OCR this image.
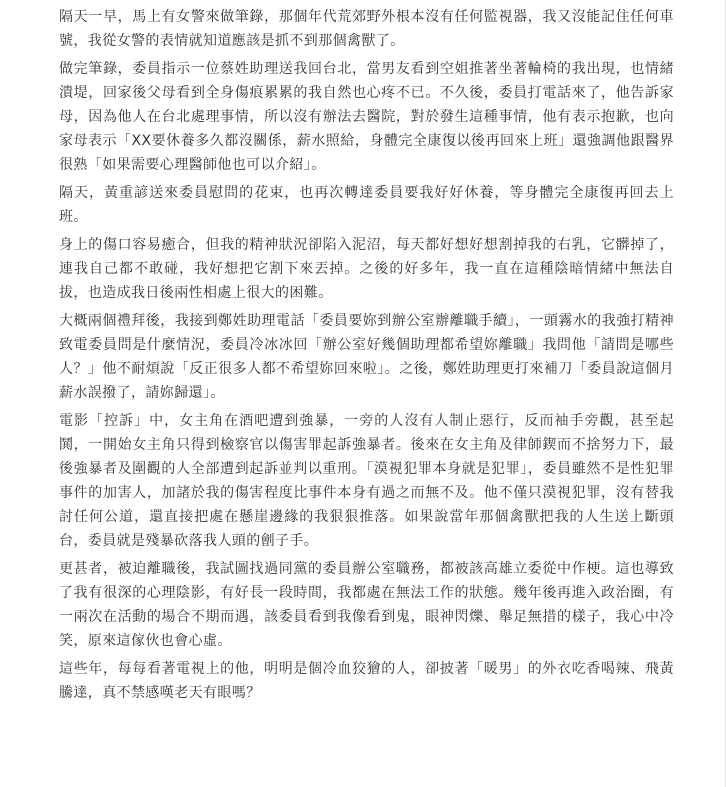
隔天一早，馬上有女警來做筆錄，那個年代荒郊野外根本沒有任何監視器，我又沒能記住任何車號，我從女警的表情就知道應該是抓不到那個禽獸了。

做完筆錄，委員指示一位蔡姓助理送我回台北，當男友看到空姐推著坐著輪椅的我出現，也情緒潰堤，回家後父母看到全身傷痕累累的我自然也心疼不已。不久後，委員打電話來了，他告訴家母，因為他人在台北處理事情，所以沒有辦法去醫院，對於發生這種事情，他有表示抱歉，也向家母表示「XX要休養多久都沒關係，薪水照給，身體完全康復以後再回來上班」還強調他跟醫界很熟「如果需要心理醫師他也可以介紹」。

隔天，黃重諺送來委員慰問的花束，也再次轉達委員要我好好休養，等身體完全康復再回去上班。

身上的傷口容易癒合，但我的精神狀況卻陷入泥沼，每天都好想好想割掉我的右乳，它髒掉了，連我自己都不敢碰，我好想把它割下來丟掉。之後的好多年，我一直在這種陰暗情緒中無法自拔，也造成我日後兩性相處上很大的困難。

大概兩個禮拜後，我接到鄭姓助理電話「委員要妳到辦公室辦離職手續」，一頭霧水的我強打精神致電委員問是什麼情況，委員冷冰冰回「辦公室好幾個助理都希望妳離職」我問他「請問是哪些人？」他不耐煩說「反正很多人都不希望妳回來啦」。之後，鄭姓助理更打來補刀「委員說這個月薪水誤撥了，請妳歸還」。

電影「控訴」中，女主角在酒吧遭到強暴，一旁的人沒有人制止惡行，反而袖手旁觀，甚至起鬨，一開始女主角只得到檢察官以傷害罪起訴強暴者。後來在女主角及律師鍥而不捨努力下，最後強暴者及圍觀的人全部遭到起訴並判以重刑。「漠視犯罪本身就是犯罪」，委員雖然不是性犯罪事件的加害人，加諸於我的傷害程度比事件本身有過之而無不及。他不僅只漠視犯罪，沒有替我討任何公道，還直接把處在懸崖邊緣的我狠狠推落。如果說當年那個禽獸把我的人生送上斷頭台，委員就是殘暴砍落我人頭的劊子手。

更甚者，被迫離職後，我試圖找過同黨的委員辦公室職務，都被該高雄立委從中作梗。這也導致了我有很深的心理陰影，有好長一段時間，我都處在無法工作的狀態。幾年後再進入政治圈，有一兩次在活動的場合不期而遇，該委員看到我像看到鬼，眼神閃爍、舉足無措的樣子，我心中冷笑，原來這傢伙也會心虛。

這些年，每每看著電視上的他，明明是個冷血狡獪的人，卻披著「暖男」的外衣吃香喝辣、飛黃騰達，真不禁感嘆老天有眼嗎？
